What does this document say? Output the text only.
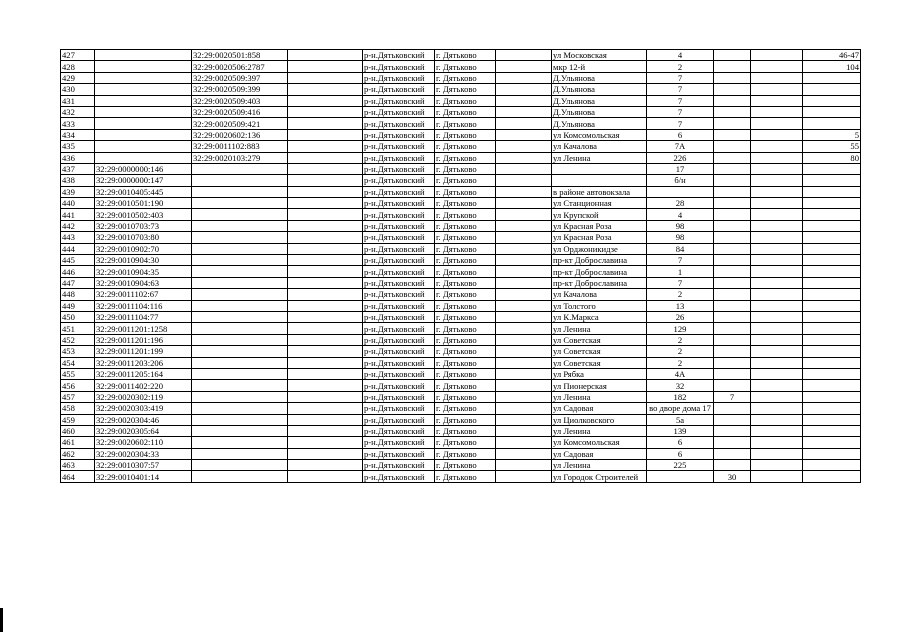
427		32:29:0020501:858		р-н.Дятьковский	г. Дятьково		ул Московская	4			46-47
428		32:29:0020506:2787		р-н.Дятьковский	г. Дятьково		мкр 12-й	2			104
429		32:29:0020509:397		р-н.Дятьковский	г. Дятьково		Д.Ульянова	7			
430		32:29:0020509:399		р-н.Дятьковский	г. Дятьково		Д.Ульянова	7			
431		32:29:0020509:403		р-н.Дятьковский	г. Дятьково		Д.Ульянова	7			
432		32:29:0020509:416		р-н.Дятьковский	г. Дятьково		Д.Ульянова	7			
433		32:29:0020509:421		р-н.Дятьковский	г. Дятьково		Д.Ульянова	7			
434		32:29:0020602:136		р-н.Дятьковский	г. Дятьково		ул Комсомольская	6			5
435		32:29:0011102:883		р-н.Дятьковский	г. Дятьково		ул Качалова	7А			55
436		32:29:0020103:279		р-н.Дятьковский	г. Дятьково		ул Ленина	226			80
437	32:29:0000000:146			р-н.Дятьковский	г. Дятьково			17			
438	32:29:0000000:147			р-н.Дятьковский	г. Дятьково			б/н			
439	32:29:0010405:445			р-н.Дятьковский	г. Дятьково		в районе автовокзала				
440	32:29:0010501:190			р-н.Дятьковский	г. Дятьково		ул Станционная	28			
441	32:29:0010502:403			р-н.Дятьковский	г. Дятьково		ул Крупской	4			
442	32:29:0010703:73			р-н.Дятьковский	г. Дятьково		ул Красная Роза	98			
443	32:29:0010703:80			р-н.Дятьковский	г. Дятьково		ул Красная Роза	98			
444	32:29:0010902:70			р-н.Дятьковский	г. Дятьково		ул Орджоникидзе	84			
445	32:29:0010904:30			р-н.Дятьковский	г. Дятьково		пр-кт Доброславина	7			
446	32:29:0010904:35			р-н.Дятьковский	г. Дятьково		пр-кт Доброславина	1			
447	32:29:0010904:63			р-н.Дятьковский	г. Дятьково		пр-кт Доброславина	7			
448	32:29:0011102:67			р-н.Дятьковский	г. Дятьково		ул Качалова	2			
449	32:29:0011104:116			р-н.Дятьковский	г. Дятьково		ул Толстого	13			
450	32:29:0011104:77			р-н.Дятьковский	г. Дятьково		ул К.Маркса	26			
451	32:29:0011201:1258			р-н.Дятьковский	г. Дятьково		ул Ленина	129			
452	32:29:0011201:196			р-н.Дятьковский	г. Дятьково		ул Советская	2			
453	32:29:0011201:199			р-н.Дятьковский	г. Дятьково		ул Советская	2			
454	32:29:0011203:206			р-н.Дятьковский	г. Дятьково		ул Советская	2			
455	32:29:0011205:164			р-н.Дятьковский	г. Дятьково		ул Рябка	4А			
456	32:29:0011402:220			р-н.Дятьковский	г. Дятьково		ул Пионерская	32			
457	32:29:0020302:119			р-н.Дятьковский	г. Дятьково		ул Ленина	182	7		
458	32:29:0020303:419			р-н.Дятьковский	г. Дятьково		ул Садовая	во дворе дома 17			
459	32:29:0020304:46			р-н.Дятьковский	г. Дятьково		ул Циолковского	5а			
460	32:29:0020305:64			р-н.Дятьковский	г. Дятьково		ул Ленина	139			
461	32:29:0020602:110			р-н.Дятьковский	г. Дятьково		ул Комсомольская	6			
462	32:29:0020304:33			р-н.Дятьковский	г. Дятьково		ул Садовая	6			
463	32:29:0010307:57			р-н.Дятьковский	г. Дятьково		ул Ленина	225			
464	32:29:0010401:14			р-н.Дятьковский	г. Дятьково		ул Городок Строителей		30		
